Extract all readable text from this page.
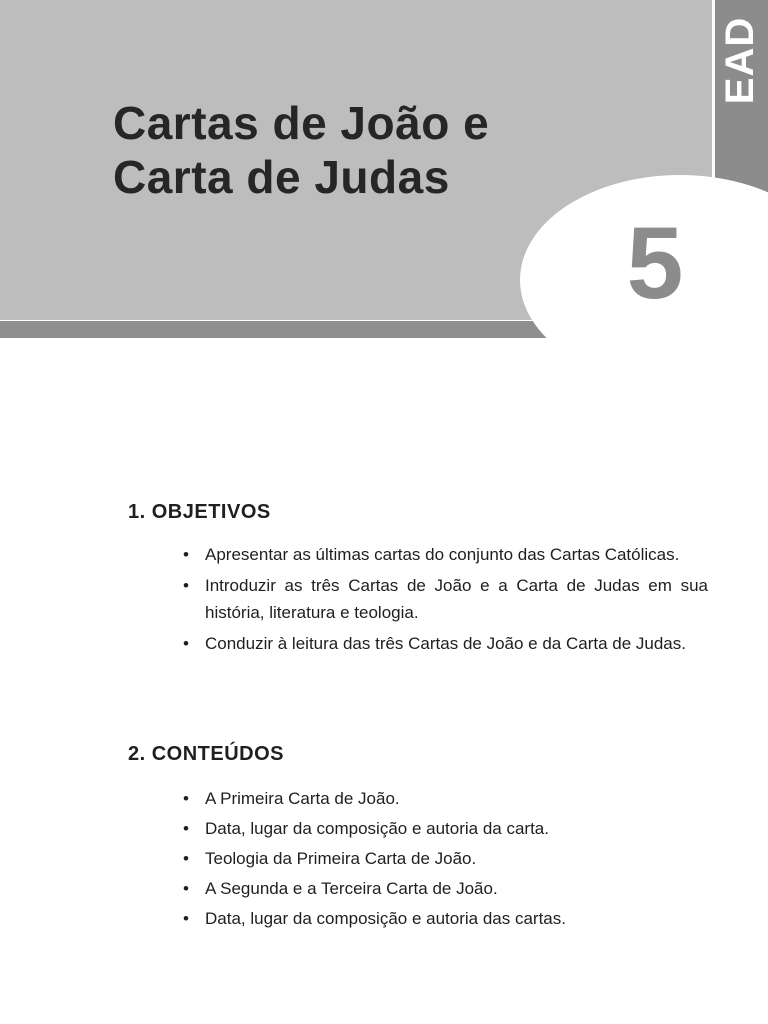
EAD
5
Cartas de João e
Carta de Judas
1. OBJETIVOS
• Apresentar as últimas cartas do conjunto das Cartas Católicas.
• Introduzir as três Cartas de João e a Carta de Judas em sua história, literatura e teologia.
• Conduzir à leitura das três Cartas de João e da Carta de Judas.
2. CONTEÚDOS
• A Primeira Carta de João.
• Data, lugar da composição e autoria da carta.
• Teologia da Primeira Carta de João.
• A Segunda e a Terceira Carta de João.
• Data, lugar da composição e autoria das cartas.
